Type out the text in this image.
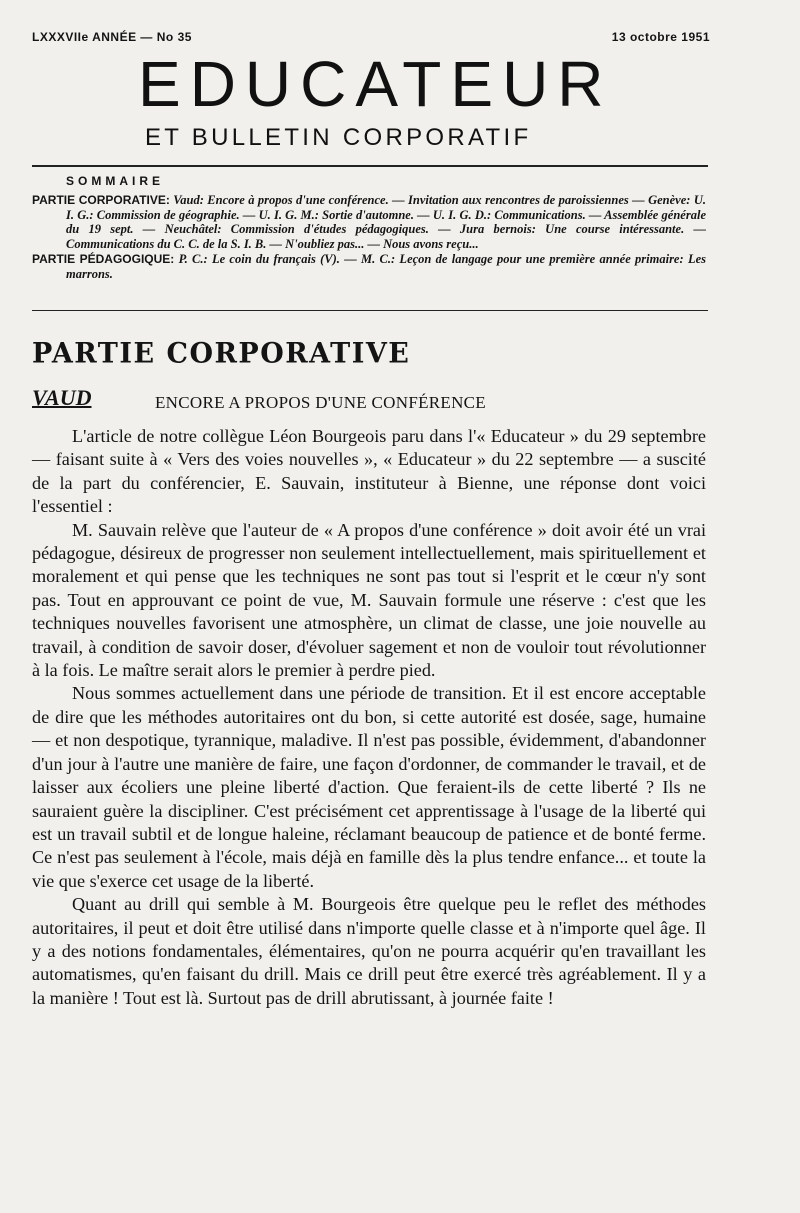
LXXXVIIe ANNÉE — No 35	13 octobre 1951
EDUCATEUR
ET BULLETIN CORPORATIF
SOMMAIRE

PARTIE CORPORATIVE: Vaud: Encore à propos d'une conférence. — Invitation aux rencontres de paroissiennes — Genève: U. I. G.: Commission de géographie. — U. I. G. M.: Sortie d'automne. — U. I. G. D.: Communications. — Assemblée générale du 19 sept. — Neuchâtel: Commission d'études pédagogiques. — Jura bernois: Une course intéressante. — Communications du C. C. de la S. I. B. — N'oubliez pas... — Nous avons reçu...

PARTIE PÉDAGOGIQUE: P. C.: Le coin du français (V). — M. C.: Leçon de langage pour une première année primaire: Les marrons.

PARTIE CORPORATIVE
VAUD	ENCORE A PROPOS D'UNE CONFÉRENCE

L'article de notre collègue Léon Bourgeois paru dans l'« Educateur » du 29 septembre — faisant suite à « Vers des voies nouvelles », « Educateur » du 22 septembre — a suscité de la part du conférencier, E. Sauvain, instituteur à Bienne, une réponse dont voici l'essentiel :

M. Sauvain relève que l'auteur de « A propos d'une conférence » doit avoir été un vrai pédagogue, désireux de progresser non seulement intellectuellement, mais spirituellement et moralement et qui pense que les techniques ne sont pas tout si l'esprit et le cœur n'y sont pas. Tout en approuvant ce point de vue, M. Sauvain formule une réserve : c'est que les techniques nouvelles favorisent une atmosphère, un climat de classe, une joie nouvelle au travail, à condition de savoir doser, d'évoluer sagement et non de vouloir tout révolutionner à la fois. Le maître serait alors le premier à perdre pied.

Nous sommes actuellement dans une période de transition. Et il est encore acceptable de dire que les méthodes autoritaires ont du bon, si cette autorité est dosée, sage, humaine — et non despotique, tyrannique, maladive. Il n'est pas possible, évidemment, d'abandonner d'un jour à l'autre une manière de faire, une façon d'ordonner, de commander le travail, et de laisser aux écoliers une pleine liberté d'action. Que feraient-ils de cette liberté ? Ils ne sauraient guère la discipliner. C'est précisément cet apprentissage à l'usage de la liberté qui est un travail subtil et de longue haleine, réclamant beaucoup de patience et de bonté ferme. Ce n'est pas seulement à l'école, mais déjà en famille dès la plus tendre enfance... et toute la vie que s'exerce cet usage de la liberté.

Quant au drill qui semble à M. Bourgeois être quelque peu le reflet des méthodes autoritaires, il peut et doit être utilisé dans n'importe quelle classe et à n'importe quel âge. Il y a des notions fondamentales, élémentaires, qu'on ne pourra acquérir qu'en travaillant les automatismes, qu'en faisant du drill. Mais ce drill peut être exercé très agréablement. Il y a la manière ! Tout est là. Surtout pas de drill abrutissant, à journée faite !
